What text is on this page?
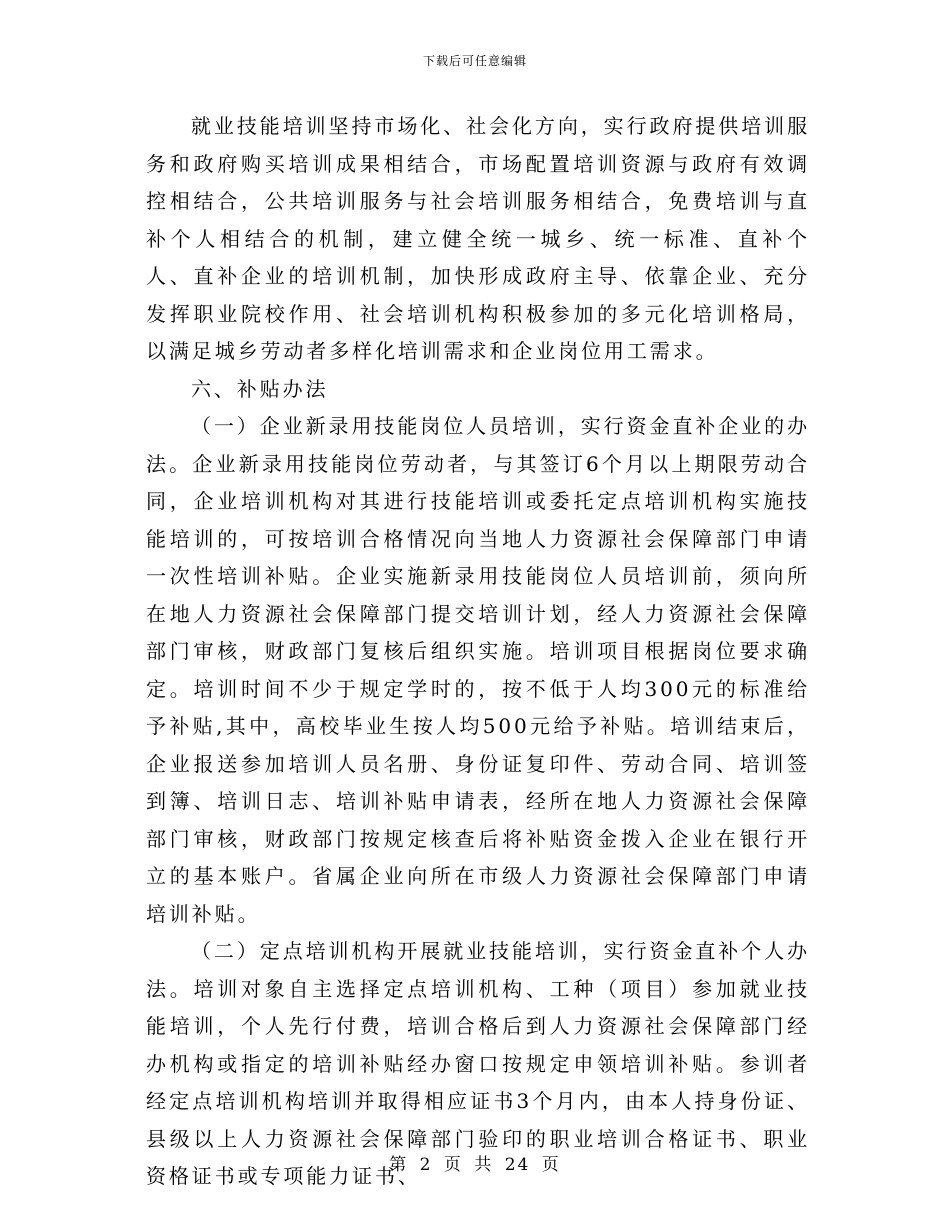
下载后可任意编辑

就业技能培训坚持市场化、社会化方向，实行政府提供培训服务和政府购买培训成果相结合，市场配置培训资源与政府有效调控相结合，公共培训服务与社会培训服务相结合，免费培训与直补个人相结合的机制，建立健全统一城乡、统一标准、直补个人、直补企业的培训机制，加快形成政府主导、依靠企业、充分发挥职业院校作用、社会培训机构积极参加的多元化培训格局，以满足城乡劳动者多样化培训需求和企业岗位用工需求。

六、补贴办法

（一）企业新录用技能岗位人员培训，实行资金直补企业的办法。企业新录用技能岗位劳动者，与其签订6个月以上期限劳动合同，企业培训机构对其进行技能培训或委托定点培训机构实施技能培训的，可按培训合格情况向当地人力资源社会保障部门申请一次性培训补贴。企业实施新录用技能岗位人员培训前，须向所在地人力资源社会保障部门提交培训计划，经人力资源社会保障部门审核，财政部门复核后组织实施。培训项目根据岗位要求确定。培训时间不少于规定学时的，按不低于人均300元的标准给予补贴,其中，高校毕业生按人均500元给予补贴。培训结束后，企业报送参加培训人员名册、身份证复印件、劳动合同、培训签到簿、培训日志、培训补贴申请表，经所在地人力资源社会保障部门审核，财政部门按规定核查后将补贴资金拨入企业在银行开立的基本账户。省属企业向所在市级人力资源社会保障部门申请培训补贴。

（二）定点培训机构开展就业技能培训，实行资金直补个人办法。培训对象自主选择定点培训机构、工种（项目）参加就业技能培训，个人先行付费，培训合格后到人力资源社会保障部门经办机构或指定的培训补贴经办窗口按规定申领培训补贴。参训者经定点培训机构培训并取得相应证书3个月内，由本人持身份证、县级以上人力资源社会保障部门验印的职业培训合格证书、职业资格证书或专项能力证书、

第 2 页 共 24 页
